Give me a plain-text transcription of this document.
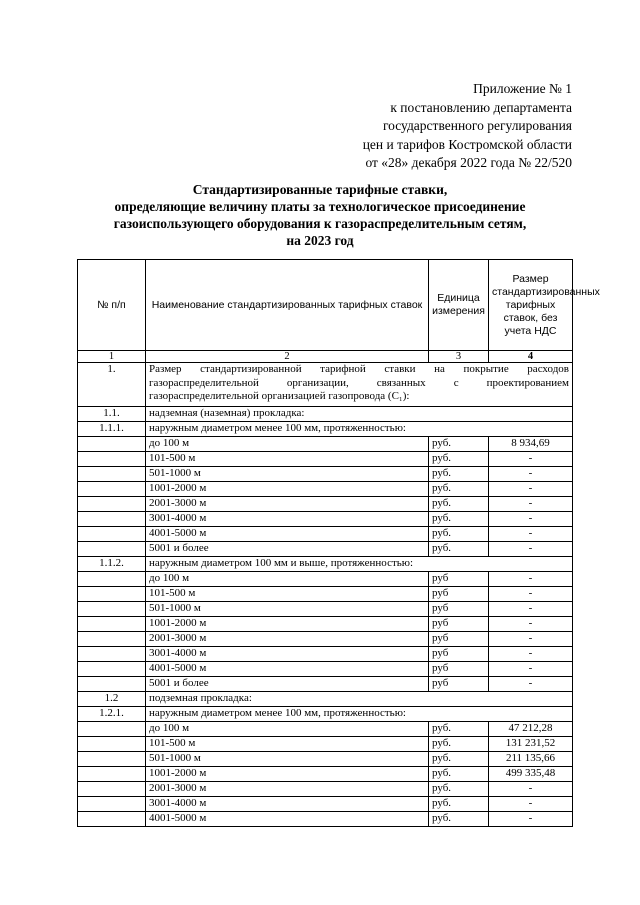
Приложение № 1
к постановлению департамента
государственного регулирования
цен и тарифов Костромской области
от «28» декабря 2022 года № 22/520
Стандартизированные тарифные ставки,
определяющие величину платы за технологическое присоединение
газоиспользующего оборудования к газораспределительным сетям,
на 2023 год
№ п/п	Наименование стандартизированных тарифных ставок	Единица измерения	Размер стандартизированных тарифных ставок, без учета НДС
1	2	3	4
1.	Размер стандартизированной тарифной ставки на покрытие расходов газораспределительной организации, связанных с проектированием газораспределительной организацией газопровода (С₁):		
1.1.	надземная (наземная) прокладка:		
1.1.1.	наружным диаметром менее 100 мм, протяженностью:		
	до 100 м	руб.	8 934,69
	101-500 м	руб.	-
	501-1000 м	руб.	-
	1001-2000 м	руб.	-
	2001-3000 м	руб.	-
	3001-4000 м	руб.	-
	4001-5000 м	руб.	-
	5001 и более	руб.	-
1.1.2.	наружным диаметром 100 мм и выше, протяженностью:		
	до 100 м	руб	-
	101-500 м	руб	-
	501-1000 м	руб	-
	1001-2000 м	руб	-
	2001-3000 м	руб	-
	3001-4000 м	руб	-
	4001-5000 м	руб	-
	5001 и более	руб	-
1.2	подземная прокладка:		
1.2.1.	наружным диаметром менее 100 мм, протяженностью:		
	до 100 м	руб.	47 212,28
	101-500 м	руб.	131 231,52
	501-1000 м	руб.	211 135,66
	1001-2000 м	руб.	499 335,48
	2001-3000 м	руб.	-
	3001-4000 м	руб.	-
	4001-5000 м	руб.	-
